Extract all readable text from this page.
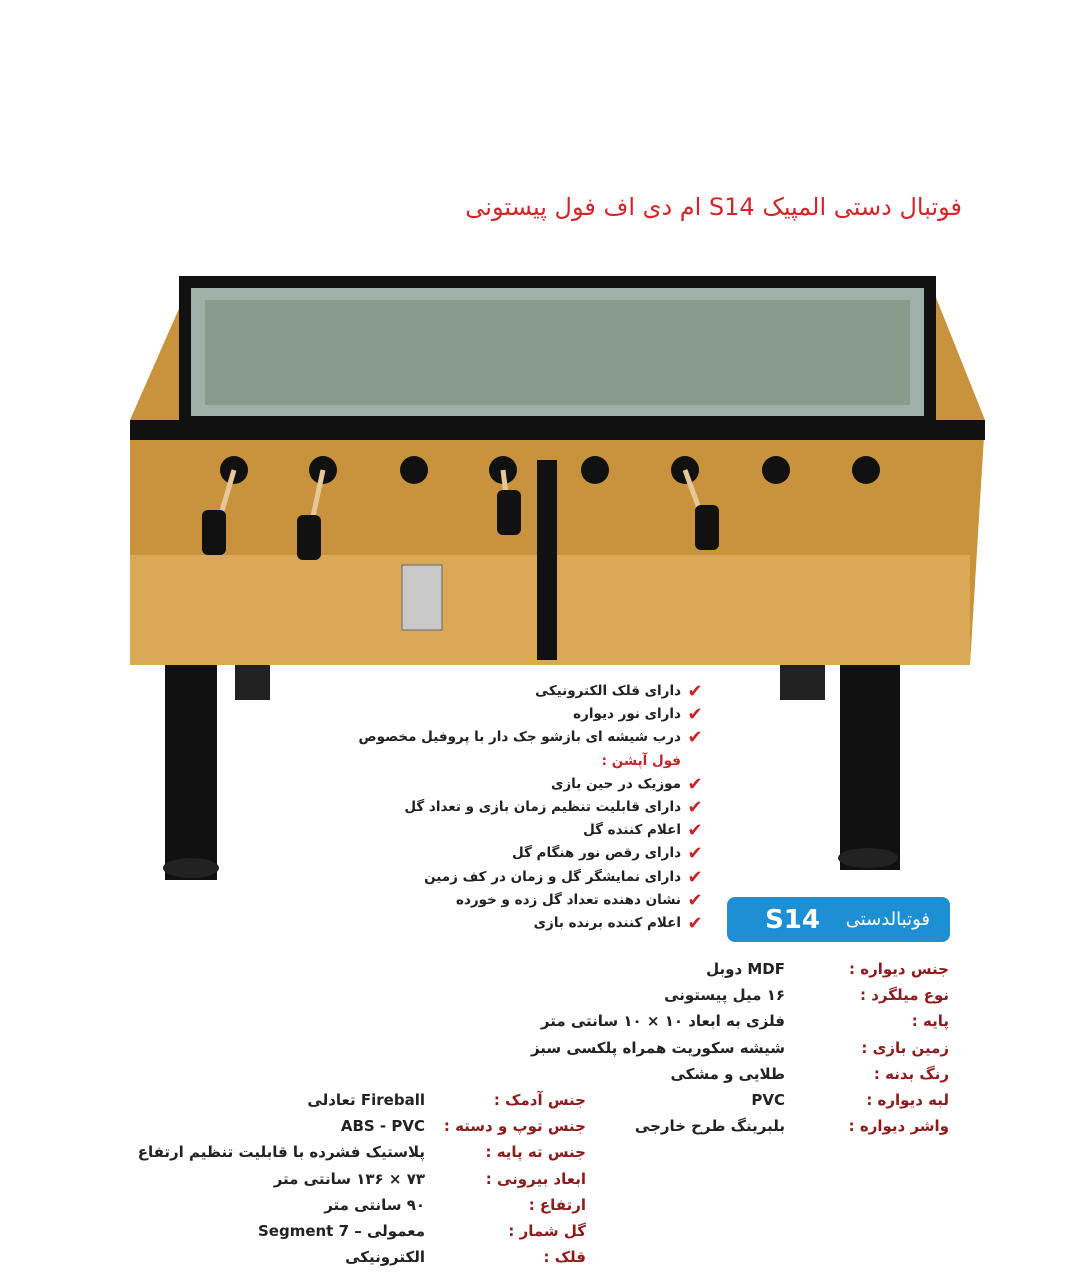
فوتبال دستی المپیک S14 ام دی اف فول پیستونی
✔
دارای قلک الکترونیکی
✔
دارای نور دیواره
✔
درب شیشه ای بازشو جک دار با پروفیل مخصوص
فول آپشن :
✔
موزیک در حین بازی
✔
دارای قابلیت تنظیم زمان بازی و تعداد گل
✔
اعلام کننده گل
✔
دارای رقص نور هنگام گل
✔
دارای نمایشگر گل و زمان در کف زمین
✔
نشان دهنده تعداد گل زده و خورده
✔
اعلام کننده برنده بازی	فوتبالدستی
S14
جنس دیواره :
MDF دوبل
نوع میلگرد :
۱۶ میل پیستونی
پایه :
فلزی به ابعاد ۱۰ × ۱۰ سانتی متر
زمین بازی :
شیشه سکوریت همراه پلکسی سبز
رنگ بدنه :
طلایی و مشکی
لبه دیواره :
PVC
واشر دیواره :
بلبرینگ طرح خارجی
جنس آدمک :
Fireball تعادلی
جنس توپ و دسته :
ABS - PVC
جنس ته پایه :
پلاستیک فشرده با قابلیت تنظیم ارتفاع
ابعاد بیرونی :
۷۳ × ۱۳۶ سانتی متر
ارتفاع :
۹۰ سانتی متر
گل شمار :
معمولی – 7 Segment
قلک :
الکترونیکی
